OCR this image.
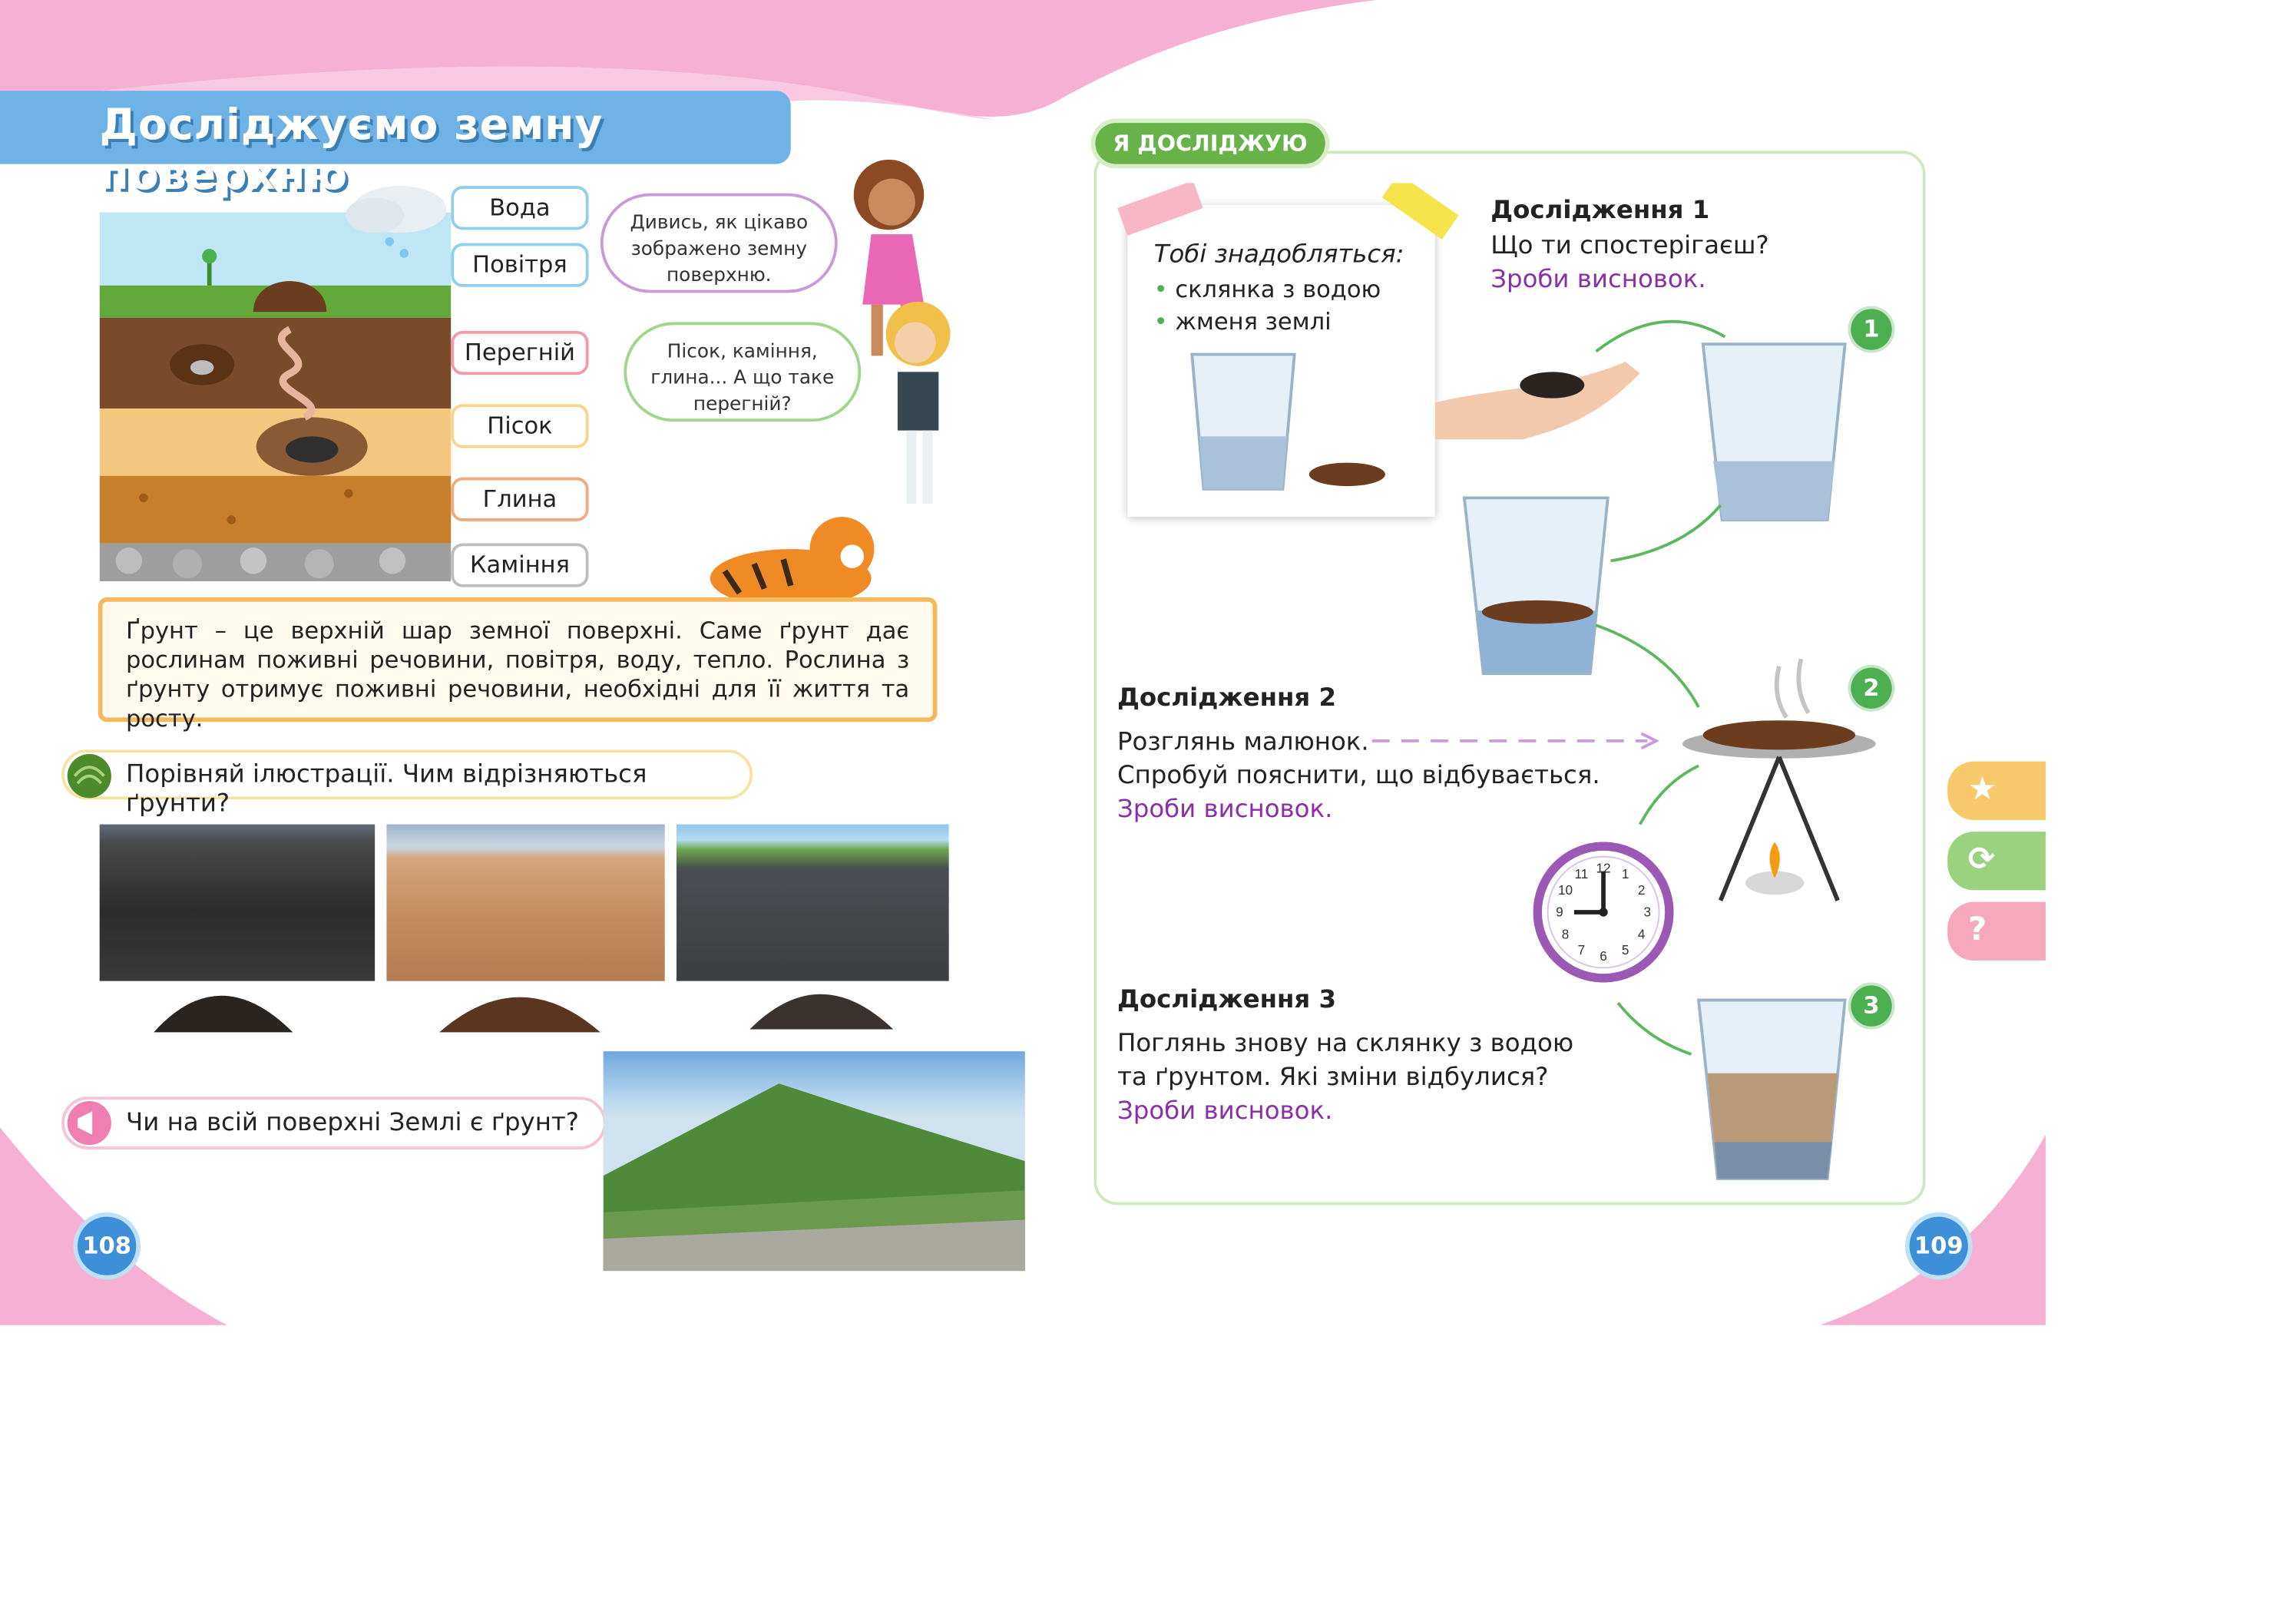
Досліджуємо земну поверхню
Вода
Повітря
Перегній
Пісок
Глина
Каміння
Дивись, як цікаво зображено земну поверхню.
Пісок, каміння, глина... А що таке перегній?
Ґрунт – це верхній шар земної поверхні. Саме ґрунт дає рослинам поживні речовини, повітря, воду, тепло. Рослина з ґрунту отримує поживні речовини, необхідні для її життя та росту.
Порівняй ілюстрації. Чим відрізняються ґрунти?
Чи на всій поверхні Землі є ґрунт?
108	109
Я ДОСЛІДЖУЮ
Тобі знадобляться:
• склянка з водою
• жменя землі
Дослідження 1
Що ти спостерігаєш?
Зроби висновок.
1
2
3
12 1
2
3
4
5
6
7
8
9
10
11
Дослідження 2
Розглянь малюнок.
Спробуй пояснити, що відбувається.
Зроби висновок.
Дослідження 3
Поглянь знову на склянку з водою
та ґрунтом. Які зміни відбулися?
Зроби висновок.
★
⟳
?
